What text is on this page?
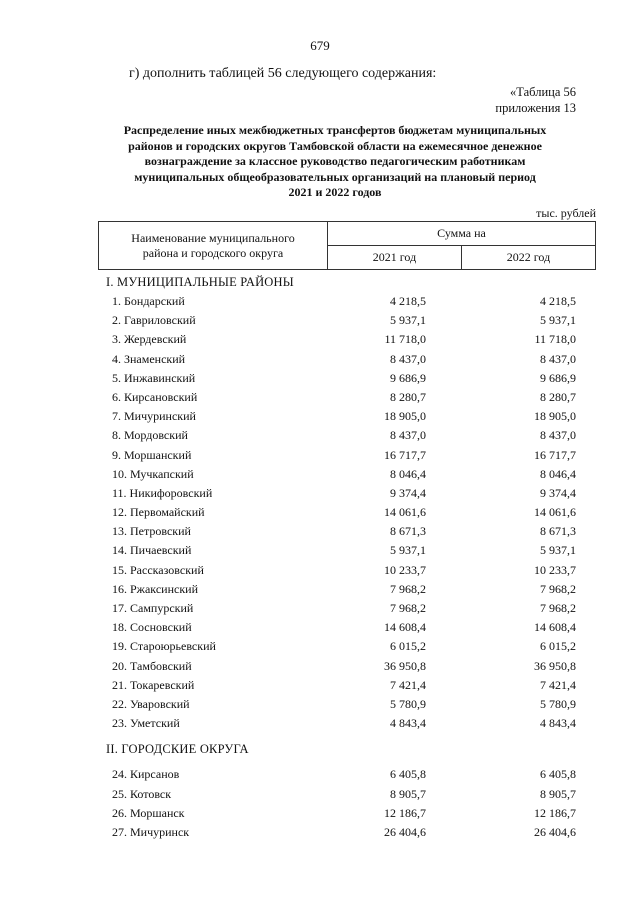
679
г) дополнить таблицей 56 следующего содержания:
«Таблица 56
приложения 13
Распределение иных межбюджетных трансфертов бюджетам муниципальных
районов и городских округов Тамбовской области на ежемесячное денежное
вознаграждение за классное руководство педагогическим работникам
муниципальных общеобразовательных организаций на плановый период
2021 и 2022 годов
тыс. рублей
Наименование муниципального
района и городского округа	Сумма на	
	2021 год	2022 год
I. МУНИЦИПАЛЬНЫЕ РАЙОНЫ
1. Бондарский	4 218,5	4 218,5
2. Гавриловский	5 937,1	5 937,1
3. Жердевский	11 718,0	11 718,0
4. Знаменский	8 437,0	8 437,0
5. Инжавинский	9 686,9	9 686,9
6. Кирсановский	8 280,7	8 280,7
7. Мичуринский	18 905,0	18 905,0
8. Мордовский	8 437,0	8 437,0
9. Моршанский	16 717,7	16 717,7
10. Мучкапский	8 046,4	8 046,4
11. Никифоровский	9 374,4	9 374,4
12. Первомайский	14 061,6	14 061,6
13. Петровский	8 671,3	8 671,3
14. Пичаевский	5 937,1	5 937,1
15. Рассказовский	10 233,7	10 233,7
16. Ржаксинский	7 968,2	7 968,2
17. Сампурский	7 968,2	7 968,2
18. Сосновский	14 608,4	14 608,4
19. Староюрьевский	6 015,2	6 015,2
20. Тамбовский	36 950,8	36 950,8
21. Токаревский	7 421,4	7 421,4
22. Уваровский	5 780,9	5 780,9
23. Уметский	4 843,4	4 843,4
II. ГОРОДСКИЕ ОКРУГА
24. Кирсанов	6 405,8	6 405,8
25. Котовск	8 905,7	8 905,7
26. Моршанск	12 186,7	12 186,7
27. Мичуринск	26 404,6	26 404,6
